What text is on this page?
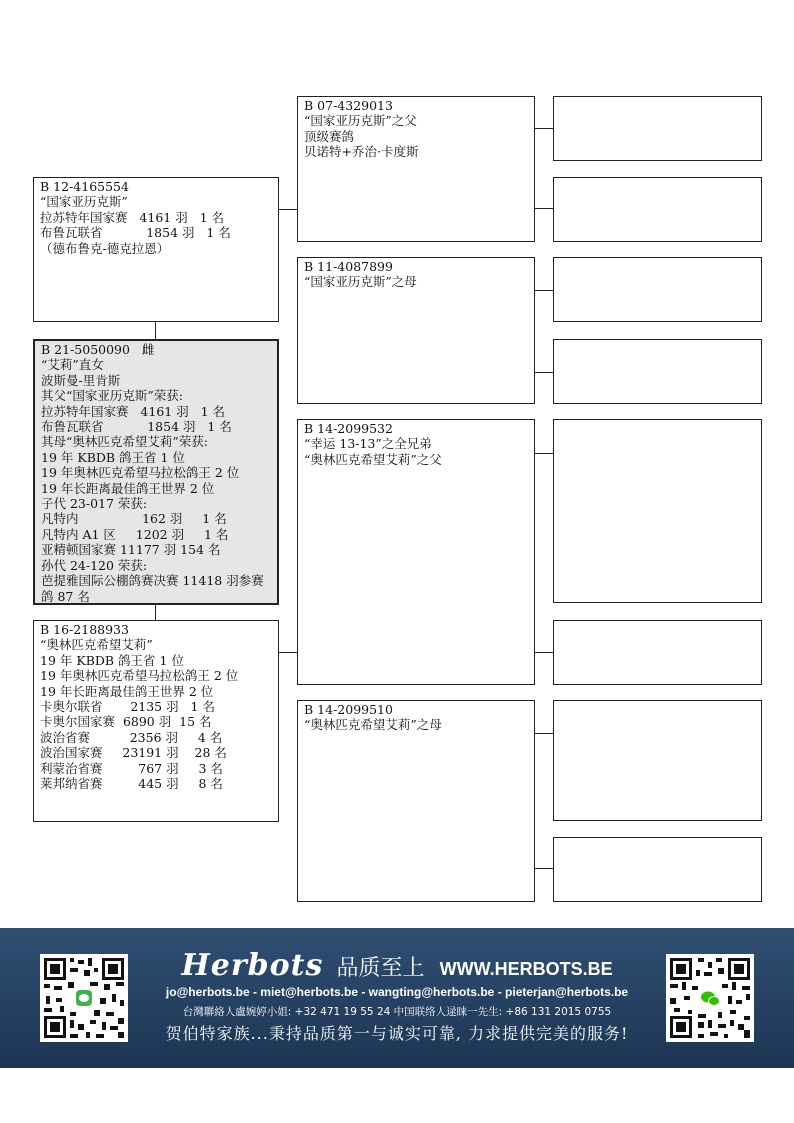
B 12-4165554
“国家亚历克斯”
拉苏特年国家赛   4161 羽   1 名
布鲁瓦联省           1854 羽   1 名
（德布鲁克-德克拉恩）
B 21-5050090   雌
“艾莉”直女
波斯曼-里肯斯
其父“国家亚历克斯”荣获:
拉苏特年国家赛   4161 羽   1 名
布鲁瓦联省           1854 羽   1 名
其母“奥林匹克希望艾莉”荣获:
19 年 KBDB 鸽王省 1 位
19 年奥林匹克希望马拉松鸽王 2 位
19 年长距离最佳鸽王世界 2 位
子代 23-017 荣获:
凡特内                162 羽     1 名
凡特内 A1 区     1202 羽     1 名
亚精顿国家赛 11177 羽 154 名
孙代 24-120 荣获:
芭提雅国际公棚鸽赛决赛 11418 羽参赛鸽 87 名
B 16-2188933
“奥林匹克希望艾莉”
19 年 KBDB 鸽王省 1 位
19 年奥林匹克希望马拉松鸽王 2 位
19 年长距离最佳鸽王世界 2 位
卡奥尔联省       2135 羽   1 名
卡奥尔国家赛  6890 羽  15 名
波治省赛          2356 羽     4 名
波治国家赛     23191 羽    28 名
利蒙治省赛         767 羽     3 名
莱邦纳省赛         445 羽     8 名
B 07-4329013
“国家亚历克斯”之父
顶级赛鸽
贝诺特+乔治·卡度斯
B 11-4087899
“国家亚历克斯”之母
B 14-2099532
“幸运 13-13”之全兄弟
“奥林匹克希望艾莉”之父
B 14-2099510
“奥林匹克希望艾莉”之母
Herbots 品质至上 WWW.HERBOTS.BE
jo@herbots.be - miet@herbots.be - wangting@herbots.be - pieterjan@herbots.be
台灣聯絡人盧婉婷小姐: +32 471 19 55 24 中国联络人逯睐一先生: +86 131 2015 0755
贺伯特家族...秉持品质第一与诚实可靠, 力求提供完美的服务!
